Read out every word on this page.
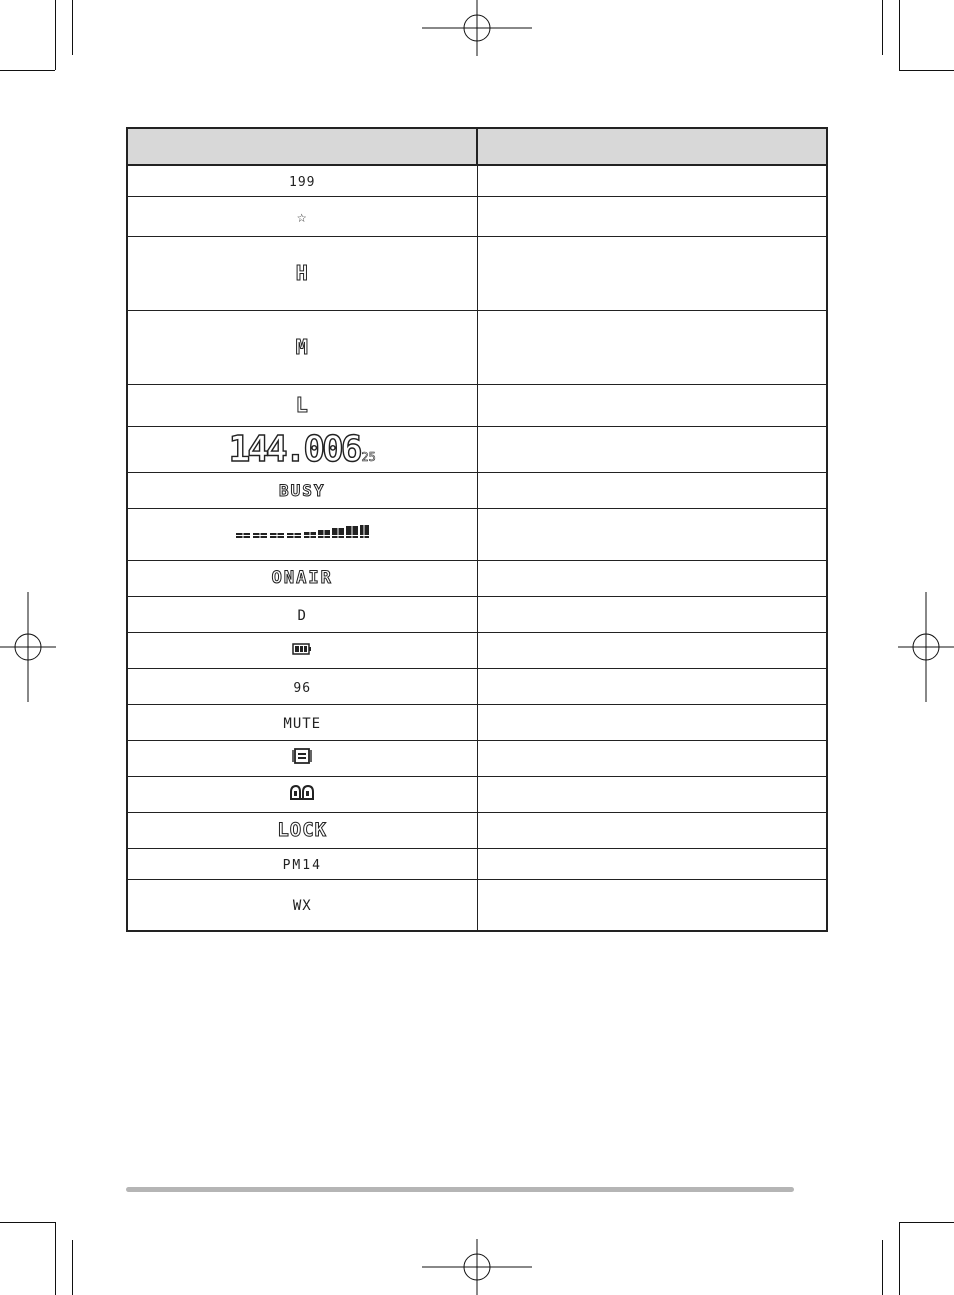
199	
☆	
H	
M	
L	
144.006 25	
BUSY	

ONAIR	
D	

96	
MUTE	

LOCK	
PM14	
WX	
